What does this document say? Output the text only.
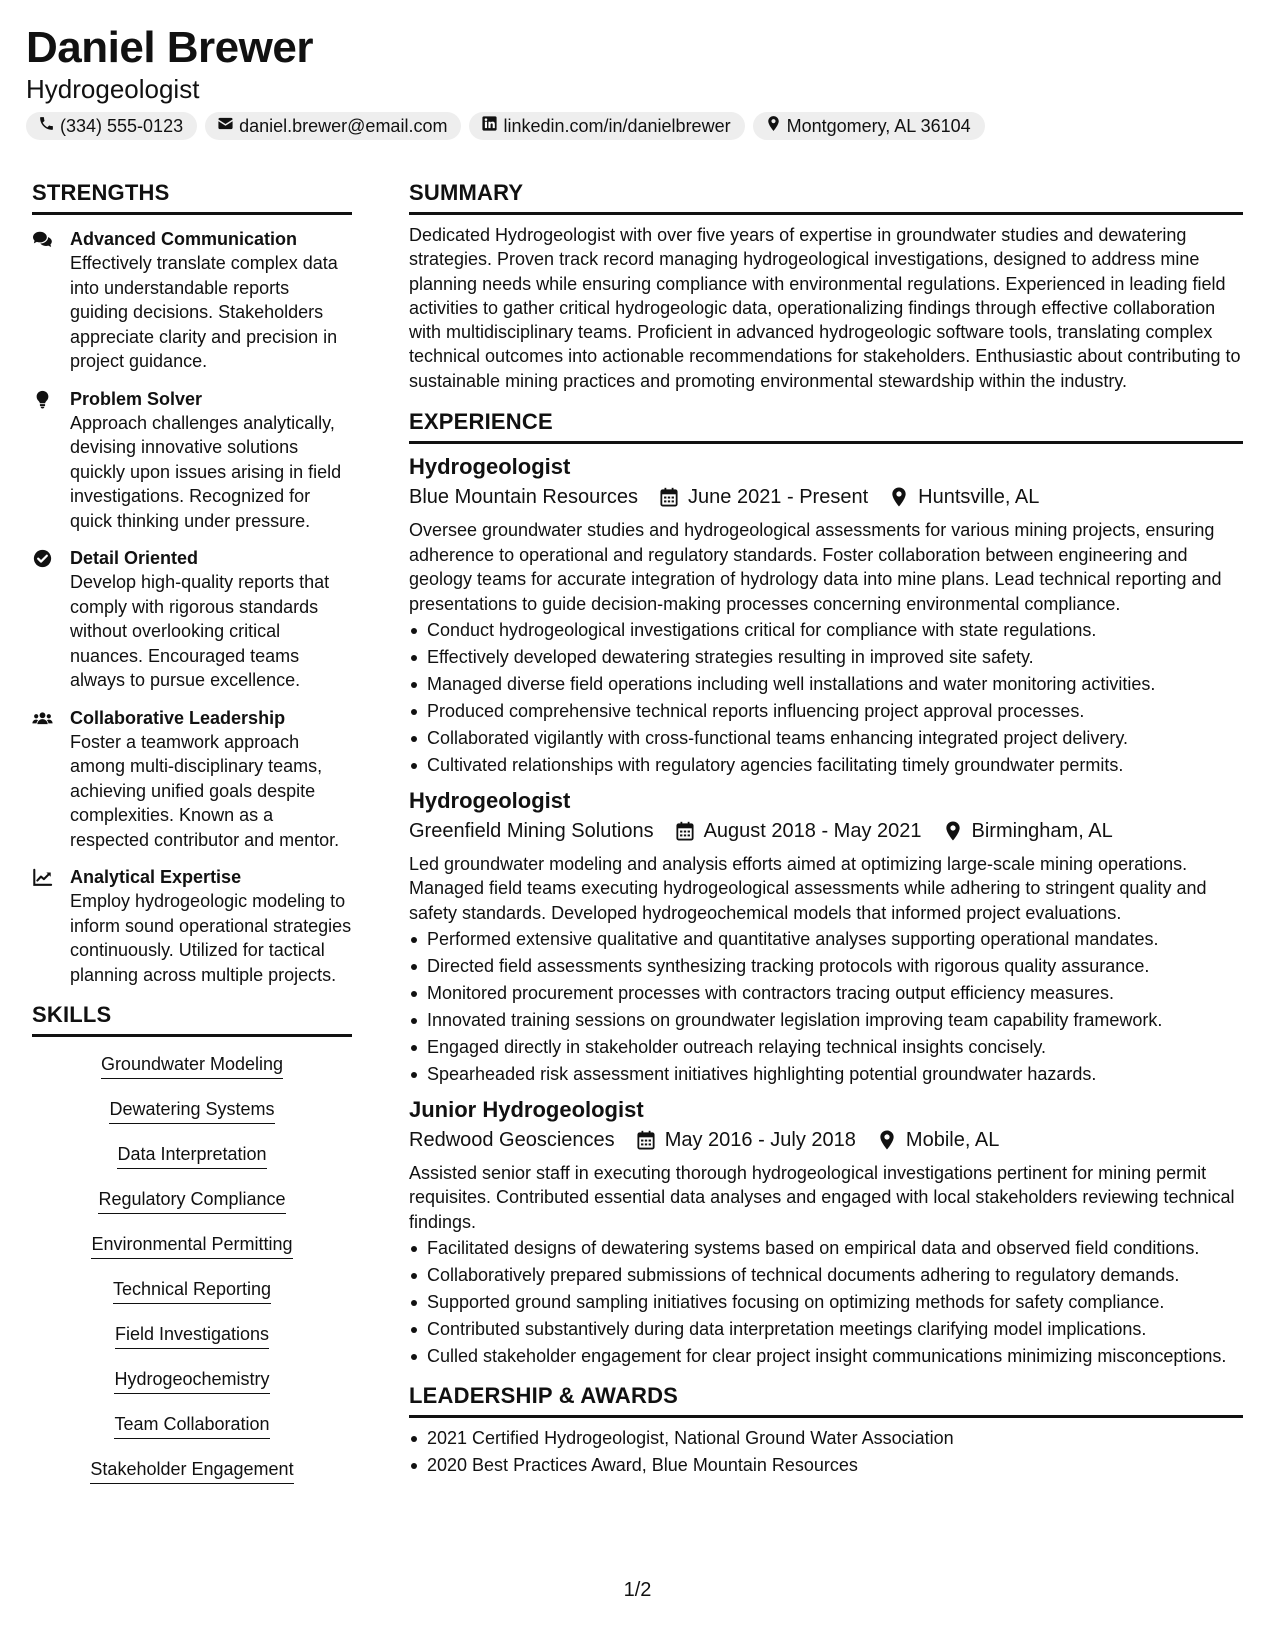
Daniel Brewer
Hydrogeologist
(334) 555-0123	daniel.brewer@email.com	linkedin.com/in/danielbrewer	Montgomery, AL 36104
STRENGTHS
Advanced Communication
Effectively translate complex data into understandable reports guiding decisions. Stakeholders appreciate clarity and precision in project guidance.
Problem Solver
Approach challenges analytically, devising innovative solutions quickly upon issues arising in field investigations. Recognized for quick thinking under pressure.
Detail Oriented
Develop high-quality reports that comply with rigorous standards without overlooking critical nuances. Encouraged teams always to pursue excellence.
Collaborative Leadership
Foster a teamwork approach among multi-disciplinary teams, achieving unified goals despite complexities. Known as a respected contributor and mentor.
Analytical Expertise
Employ hydrogeologic modeling to inform sound operational strategies continuously. Utilized for tactical planning across multiple projects.
SKILLS
Groundwater Modeling
Dewatering Systems
Data Interpretation
Regulatory Compliance
Environmental Permitting
Technical Reporting
Field Investigations
Hydrogeochemistry
Team Collaboration
Stakeholder Engagement
SUMMARY
Dedicated Hydrogeologist with over five years of expertise in groundwater studies and dewatering strategies. Proven track record managing hydrogeological investigations, designed to address mine planning needs while ensuring compliance with environmental regulations. Experienced in leading field activities to gather critical hydrogeologic data, operationalizing findings through effective collaboration with multidisciplinary teams. Proficient in advanced hydrogeologic software tools, translating complex technical outcomes into actionable recommendations for stakeholders. Enthusiastic about contributing to sustainable mining practices and promoting environmental stewardship within the industry.
EXPERIENCE
Hydrogeologist
Blue Mountain Resources	June 2021 - Present	Huntsville, AL
Oversee groundwater studies and hydrogeological assessments for various mining projects, ensuring adherence to operational and regulatory standards. Foster collaboration between engineering and geology teams for accurate integration of hydrology data into mine plans. Lead technical reporting and presentations to guide decision-making processes concerning environmental compliance.
Conduct hydrogeological investigations critical for compliance with state regulations.
Effectively developed dewatering strategies resulting in improved site safety.
Managed diverse field operations including well installations and water monitoring activities.
Produced comprehensive technical reports influencing project approval processes.
Collaborated vigilantly with cross-functional teams enhancing integrated project delivery.
Cultivated relationships with regulatory agencies facilitating timely groundwater permits.
Hydrogeologist
Greenfield Mining Solutions	August 2018 - May 2021	Birmingham, AL
Led groundwater modeling and analysis efforts aimed at optimizing large-scale mining operations. Managed field teams executing hydrogeological assessments while adhering to stringent quality and safety standards. Developed hydrogeochemical models that informed project evaluations.
Performed extensive qualitative and quantitative analyses supporting operational mandates.
Directed field assessments synthesizing tracking protocols with rigorous quality assurance.
Monitored procurement processes with contractors tracing output efficiency measures.
Innovated training sessions on groundwater legislation improving team capability framework.
Engaged directly in stakeholder outreach relaying technical insights concisely.
Spearheaded risk assessment initiatives highlighting potential groundwater hazards.
Junior Hydrogeologist
Redwood Geosciences	May 2016 - July 2018	Mobile, AL
Assisted senior staff in executing thorough hydrogeological investigations pertinent for mining permit requisites. Contributed essential data analyses and engaged with local stakeholders reviewing technical findings.
Facilitated designs of dewatering systems based on empirical data and observed field conditions.
Collaboratively prepared submissions of technical documents adhering to regulatory demands.
Supported ground sampling initiatives focusing on optimizing methods for safety compliance.
Contributed substantively during data interpretation meetings clarifying model implications.
Culled stakeholder engagement for clear project insight communications minimizing misconceptions.
LEADERSHIP & AWARDS
2021 Certified Hydrogeologist, National Ground Water Association
2020 Best Practices Award, Blue Mountain Resources
1/2
